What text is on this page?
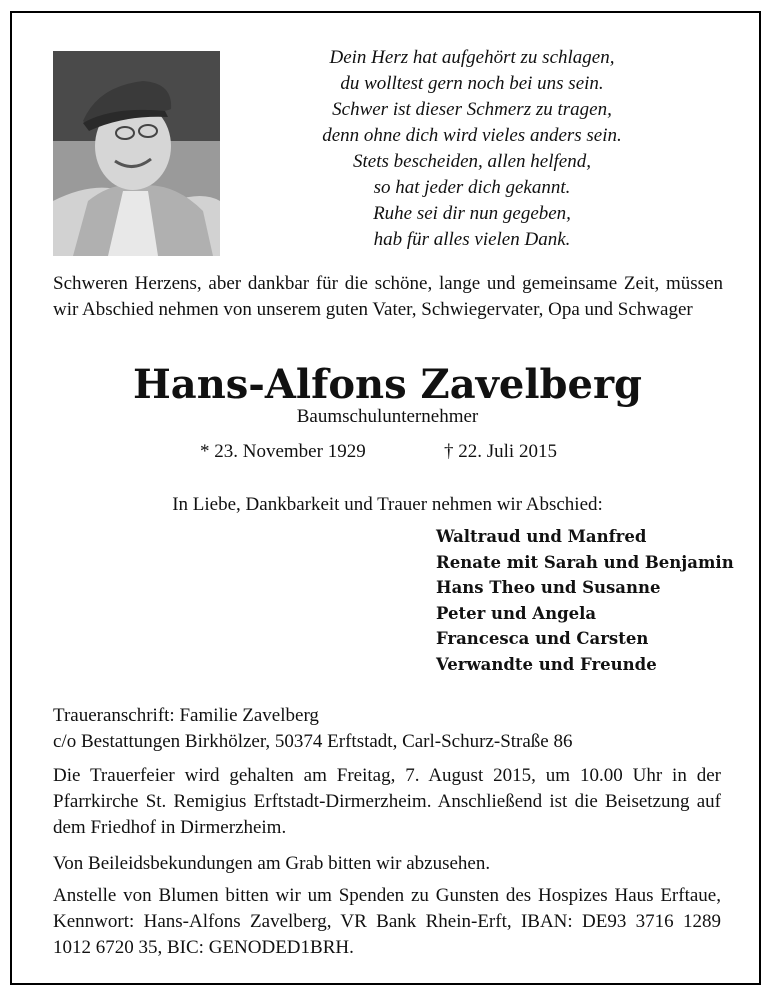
Dein Herz hat aufgehört zu schlagen,
du wolltest gern noch bei uns sein.
Schwer ist dieser Schmerz zu tragen,
denn ohne dich wird vieles anders sein.
Stets bescheiden, allen helfend,
so hat jeder dich gekannt.
Ruhe sei dir nun gegeben,
hab für alles vielen Dank.
Schweren Herzens, aber dankbar für die schöne, lange und gemeinsame Zeit, müssen wir Abschied nehmen von unserem guten Vater, Schwiegervater, Opa und Schwager
Hans-Alfons Zavelberg
Baumschulunternehmer
* 23. November 1929	† 22. Juli 2015
In Liebe, Dankbarkeit und Trauer nehmen wir Abschied:
Waltraud und Manfred
Renate mit Sarah und Benjamin
Hans Theo und Susanne
Peter und Angela
Francesca und Carsten
Verwandte und Freunde
Traueranschrift: Familie Zavelberg
c/o Bestattungen Birkhölzer, 50374 Erftstadt, Carl-Schurz-Straße 86
Die Trauerfeier wird gehalten am Freitag, 7. August 2015, um 10.00 Uhr in der Pfarrkirche St. Remigius Erftstadt-Dirmerzheim. Anschließend ist die Beisetzung auf dem Friedhof in Dirmerzheim.
Von Beileidsbekundungen am Grab bitten wir abzusehen.
Anstelle von Blumen bitten wir um Spenden zu Gunsten des Hospizes Haus Erftaue, Kennwort: Hans-Alfons Zavelberg, VR Bank Rhein-Erft, IBAN: DE93 3716 1289 1012 6720 35, BIC: GENODED1BRH.
